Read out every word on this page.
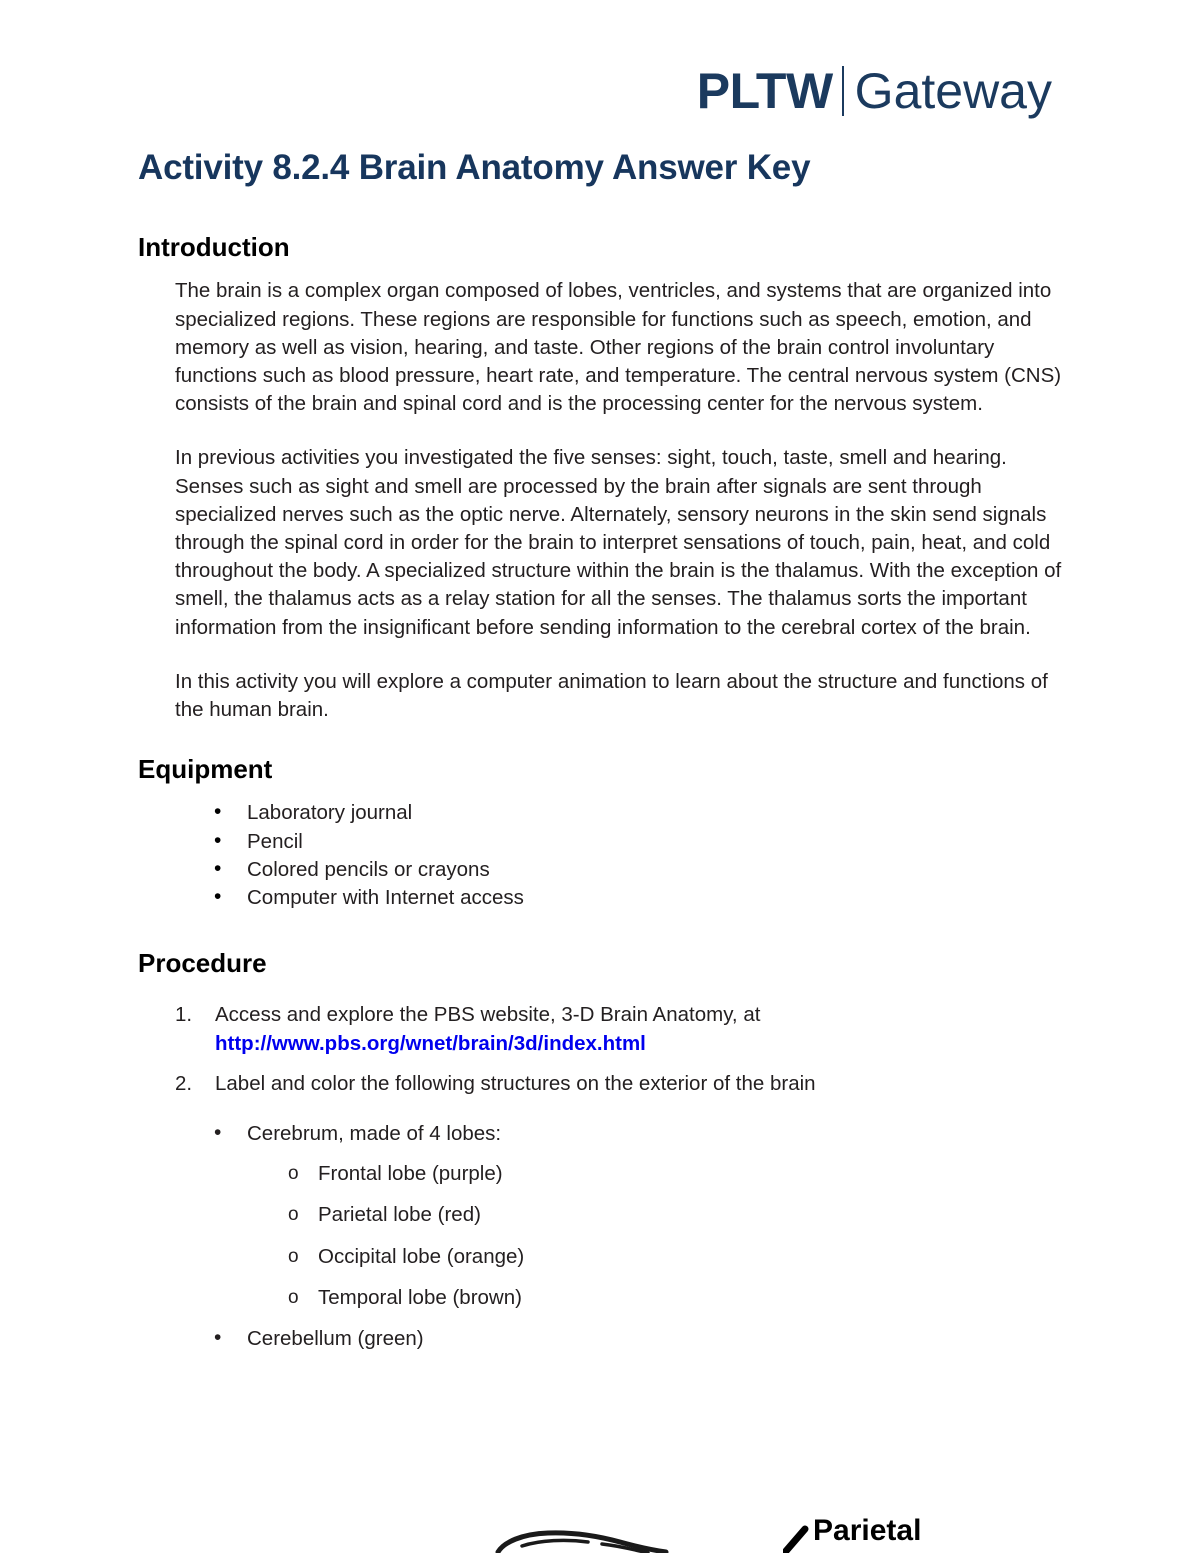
PLTW Gateway
Activity 8.2.4 Brain Anatomy Answer Key
Introduction

The brain is a complex organ composed of lobes, ventricles, and systems that are organized into specialized regions. These regions are responsible for functions such as speech, emotion, and memory as well as vision, hearing, and taste. Other regions of the brain control involuntary functions such as blood pressure, heart rate, and temperature. The central nervous system (CNS) consists of the brain and spinal cord and is the processing center for the nervous system.

In previous activities you investigated the five senses: sight, touch, taste, smell and hearing. Senses such as sight and smell are processed by the brain after signals are sent through specialized nerves such as the optic nerve. Alternately, sensory neurons in the skin send signals through the spinal cord in order for the brain to interpret sensations of touch, pain, heat, and cold throughout the body. A specialized structure within the brain is the thalamus. With the exception of smell, the thalamus acts as a relay station for all the senses. The thalamus sorts the important information from the insignificant before sending information to the cerebral cortex of the brain.

In this activity you will explore a computer animation to learn about the structure and functions of the human brain.

Equipment
• Laboratory journal
• Pencil
• Colored pencils or crayons
• Computer with Internet access
Procedure
Access and explore the PBS website, 3-D Brain Anatomy, at
http://www.pbs.org/wnet/brain/3d/index.html
Label and color the following structures on the exterior of the brain
• Cerebrum, made of 4 lobes:
o Frontal lobe (purple)
o Parietal lobe (red)
o Occipital lobe (orange)
o Temporal lobe (brown)
• Cerebellum (green)
Parietal
